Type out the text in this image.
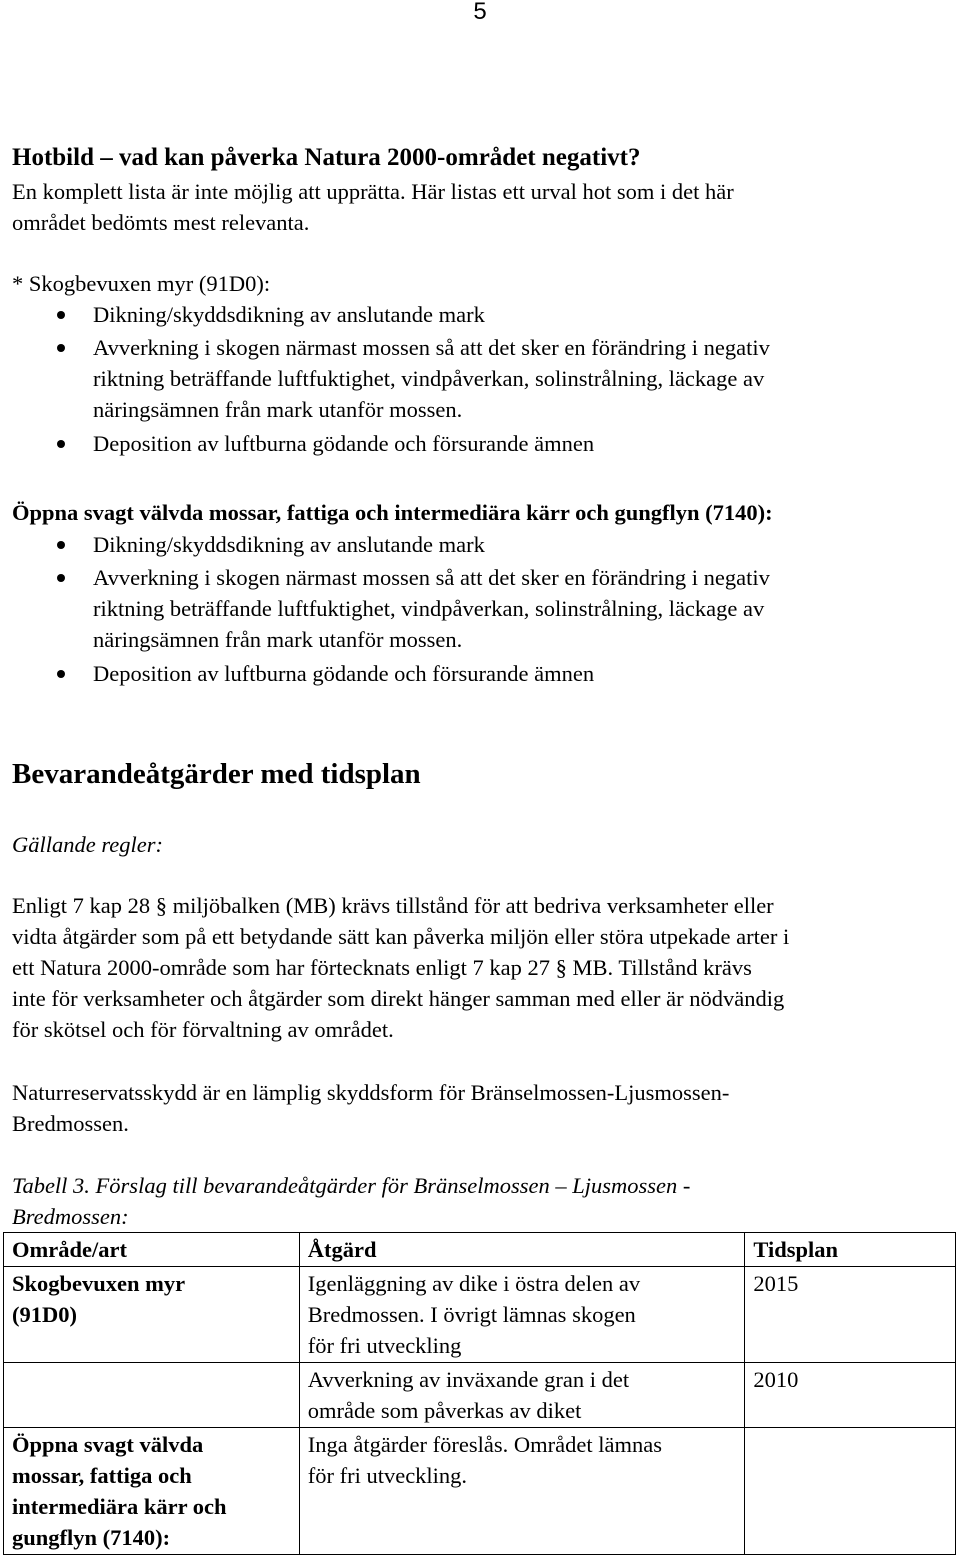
5
Hotbild – vad kan påverka Natura 2000-området negativt?
En komplett lista är inte möjlig att upprätta. Här listas ett urval hot som i det här
området bedömts mest relevanta.
* Skogbevuxen myr (91D0):
Dikning/skyddsdikning av anslutande mark
Avverkning i skogen närmast mossen så att det sker en förändring i negativ
riktning beträffande luftfuktighet, vindpåverkan, solinstrålning, läckage av
näringsämnen från mark utanför mossen.
Deposition av luftburna gödande och försurande ämnen
Öppna svagt välvda mossar, fattiga och intermediära kärr och gungflyn (7140):
Dikning/skyddsdikning av anslutande mark
Avverkning i skogen närmast mossen så att det sker en förändring i negativ
riktning beträffande luftfuktighet, vindpåverkan, solinstrålning, läckage av
näringsämnen från mark utanför mossen.
Deposition av luftburna gödande och försurande ämnen
Bevarandeåtgärder med tidsplan
Gällande regler:
Enligt 7 kap 28 § miljöbalken (MB) krävs tillstånd för att bedriva verksamheter eller
vidta åtgärder som på ett betydande sätt kan påverka miljön eller störa utpekade arter i
ett Natura 2000-område som har förtecknats enligt 7 kap 27 § MB. Tillstånd krävs
inte för verksamheter och åtgärder som direkt hänger samman med eller är nödvändig
för skötsel och för förvaltning av området.
Naturreservatsskydd är en lämplig skyddsform för Bränselmossen-Ljusmossen-
Bredmossen.
Tabell 3. Förslag till bevarandeåtgärder för Bränselmossen – Ljusmossen -
Bredmossen:
Område/art	Åtgärd	Tidsplan

Skogbevuxen myr
(91D0)	Igenläggning av dike i östra delen av
Bredmossen. I övrigt lämnas skogen
för fri utveckling	2015

	Avverkning av inväxande gran i det
område som påverkas av diket	2010

Öppna svagt välvda
mossar, fattiga och
intermediära kärr och
gungflyn (7140):	Inga åtgärder föreslås. Området lämnas
för fri utveckling.	
